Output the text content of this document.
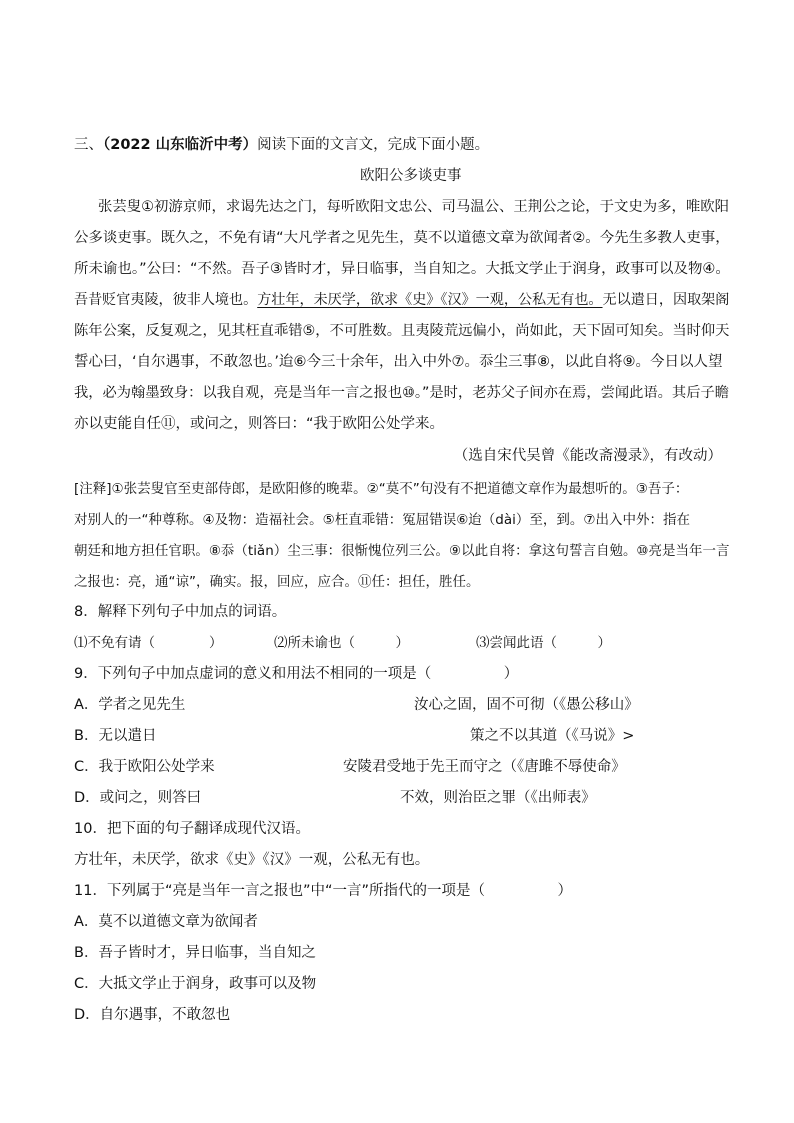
三、（2022 山东临沂中考）阅读下面的文言文，完成下面小题。
欧阳公多谈吏事
张芸叟①初游京师，求谒先达之门，每听欧阳文忠公、司马温公、王荆公之论，于文史为多，唯欧阳
公多谈吏事。既久之，不免有请“大凡学者之见先生，莫不以道德文章为欲闻者②。今先生多教人吏事，
所未谕也。”公曰：“不然。吾子③皆时才，异日临事，当自知之。大抵文学止于润身，政事可以及物④。
吾昔贬官夷陵，彼非人境也。方壮年，未厌学，欲求《史》《汉》一观，公私无有也。无以遣日，因取架阁
陈年公案，反复观之，见其枉直乖错⑤，不可胜数。且夷陵荒远偏小，尚如此，天下固可知矣。当时仰天
誓心曰，‘自尔遇事，不敢忽也。’迨⑥今三十余年，出入中外⑦。忝尘三事⑧，以此自将⑨。今日以人望
我，必为翰墨致身：以我自观，亮是当年一言之报也⑩。”是时，老苏父子间亦在焉，尝闻此语。其后子瞻
亦以吏能自任⑪，或问之，则答曰：“我于欧阳公处学来。
（选自宋代吴曾《能改斋漫录》，有改动）
[注释]①张芸叟官至吏部侍郎，是欧阳修的晚辈。②“莫不”句没有不把道德文章作为最想听的。③吾子：
对别人的一“种尊称。④及物：造福社会。⑤枉直乖错：冤屈错误⑥迨（dài）至，到。⑦出入中外：指在
朝廷和地方担任官职。⑧忝（tiǎn）尘三事：很惭愧位列三公。⑨以此自将：拿这句誓言自勉。⑩亮是当年一言
之报也：亮，通“谅”，确实。报，回应，应合。⑪任：担任，胜任。
8．解释下列句子中加点的词语。
⑴不免有请（　　　　）	⑵所未谕也（　　　）	⑶尝闻此语（　　　）
9．下列句子中加点虚词的意义和用法不相同的一项是（　　　　　）
A．学者之见先生	汝心之固，固不可彻（《愚公移山》
B．无以遣日	策之不以其道（《马说》>
C．我于欧阳公处学来	安陵君受地于先王而守之（《唐雎不辱使命》
D．或问之，则答曰	不效，则治臣之罪（《出师表》
10．把下面的句子翻译成现代汉语。
方壮年，未厌学，欲求《史》《汉》一观，公私无有也。
11．下列属于“亮是当年一言之报也”中“一言”所指代的一项是（　　　　　）
A．莫不以道德文章为欲闻者
B．吾子皆时才，异日临事，当自知之
C．大抵文学止于润身，政事可以及物
D．自尔遇事，不敢忽也
